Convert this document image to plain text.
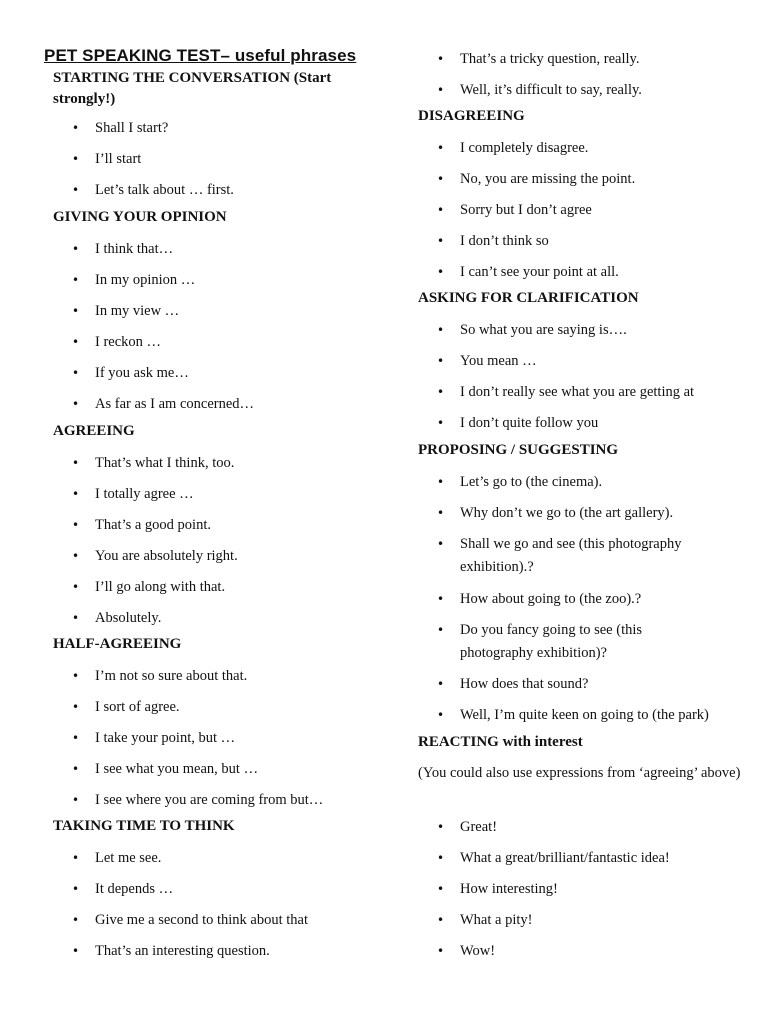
PET SPEAKING TEST– useful phrases
STARTING THE CONVERSATION (Start strongly!)
• Shall I start?
• I’ll start
• Let’s talk about … first.
GIVING YOUR OPINION
• I think that…
• In my opinion …
• In my view …
• I reckon …
• If you ask me…
• As far as I am concerned…
AGREEING
• That’s what I think, too.
• I totally agree …
• That’s a good point.
• You are absolutely right.
• I’ll go along with that.
• Absolutely.
HALF-AGREEING
• I’m not so sure about that.
• I sort of agree.
• I take your point, but …
• I see what you mean, but …
• I see where you are coming from but…
TAKING TIME TO THINK
• Let me see.
• It depends …
• Give me a second to think about that
• That’s an interesting question.
• That’s a tricky question, really.
• Well, it’s difficult to say, really.
DISAGREEING
• I completely disagree.
• No, you are missing the point.
• Sorry but I don’t agree
• I don’t think so
• I can’t see your point at all.
ASKING FOR CLARIFICATION
• So what you are saying is….
• You mean …
• I don’t really see what you are getting at
• I don’t quite follow you
PROPOSING / SUGGESTING
• Let’s go to (the cinema).
• Why don’t we go to (the art gallery).
• Shall we go and see (this photography exhibition).?
• How about going to (the zoo).?
• Do you fancy going to see (this photography exhibition)?
• How does that sound?
• Well, I’m quite keen on going to (the park)
REACTING with interest
(You could also use expressions from ‘agreeing’ above)
• Great!
• What a great/brilliant/fantastic idea!
• How interesting!
• What a pity!
• Wow!
